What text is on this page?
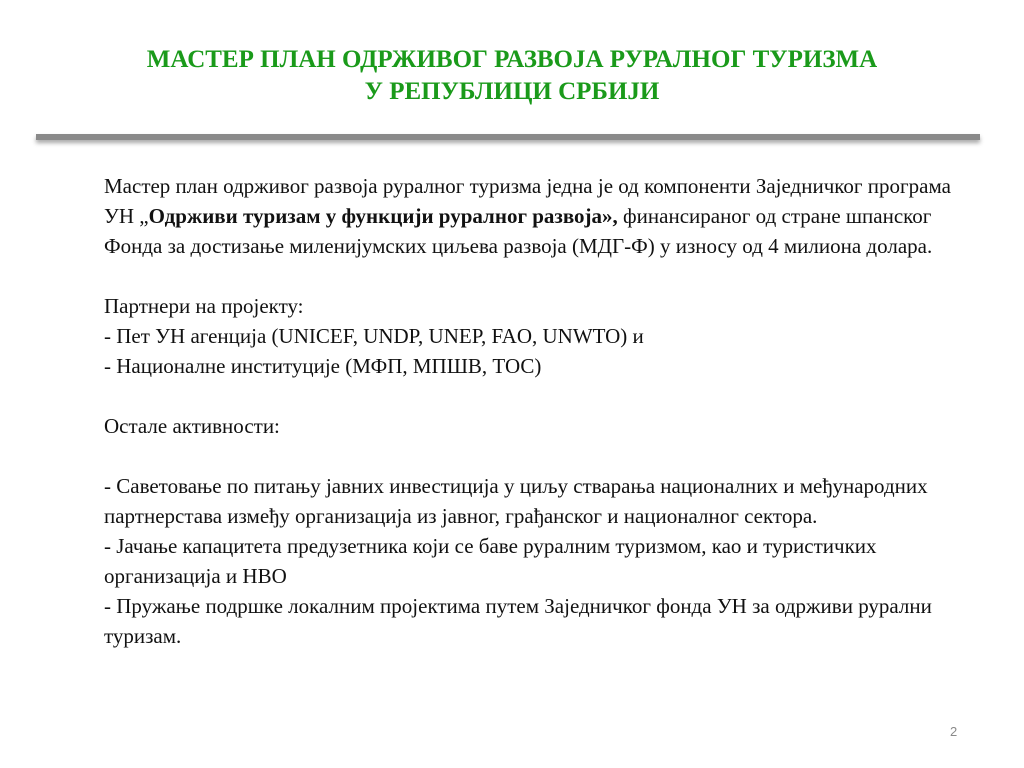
МАСТЕР ПЛАН ОДРЖИВОГ РАЗВОЈА РУРАЛНОГ ТУРИЗМА
У РЕПУБЛИЦИ СРБИЈИ

Мастер план одрживог развоја руралног туризма једна је од компоненти Заједничког програма УН „Одрживи туризам у функцији руралног развоја», финансираног од стране шпанског Фонда за достизање миленијумских циљева развоја (МДГ-Ф) у износу од 4 милиона долара.

Партнери на пројекту:

- Пет УН агенција (UNICEF, UNDP, UNEP, FAO, UNWTO) и

- Националне институције (МФП, МПШВ, ТОС)

Остале активности:

- Саветовање по питању јавних инвестиција у циљу стварања националних и међународних партнерстава између организација из јавног, грађанског и националног сектора.

- Јачање капацитета предузетника који се баве руралним туризмом, као и туристичких организација и НВО

- Пружање подршке локалним пројектима путем Заједничког фонда УН за одрживи рурални туризам.

2
